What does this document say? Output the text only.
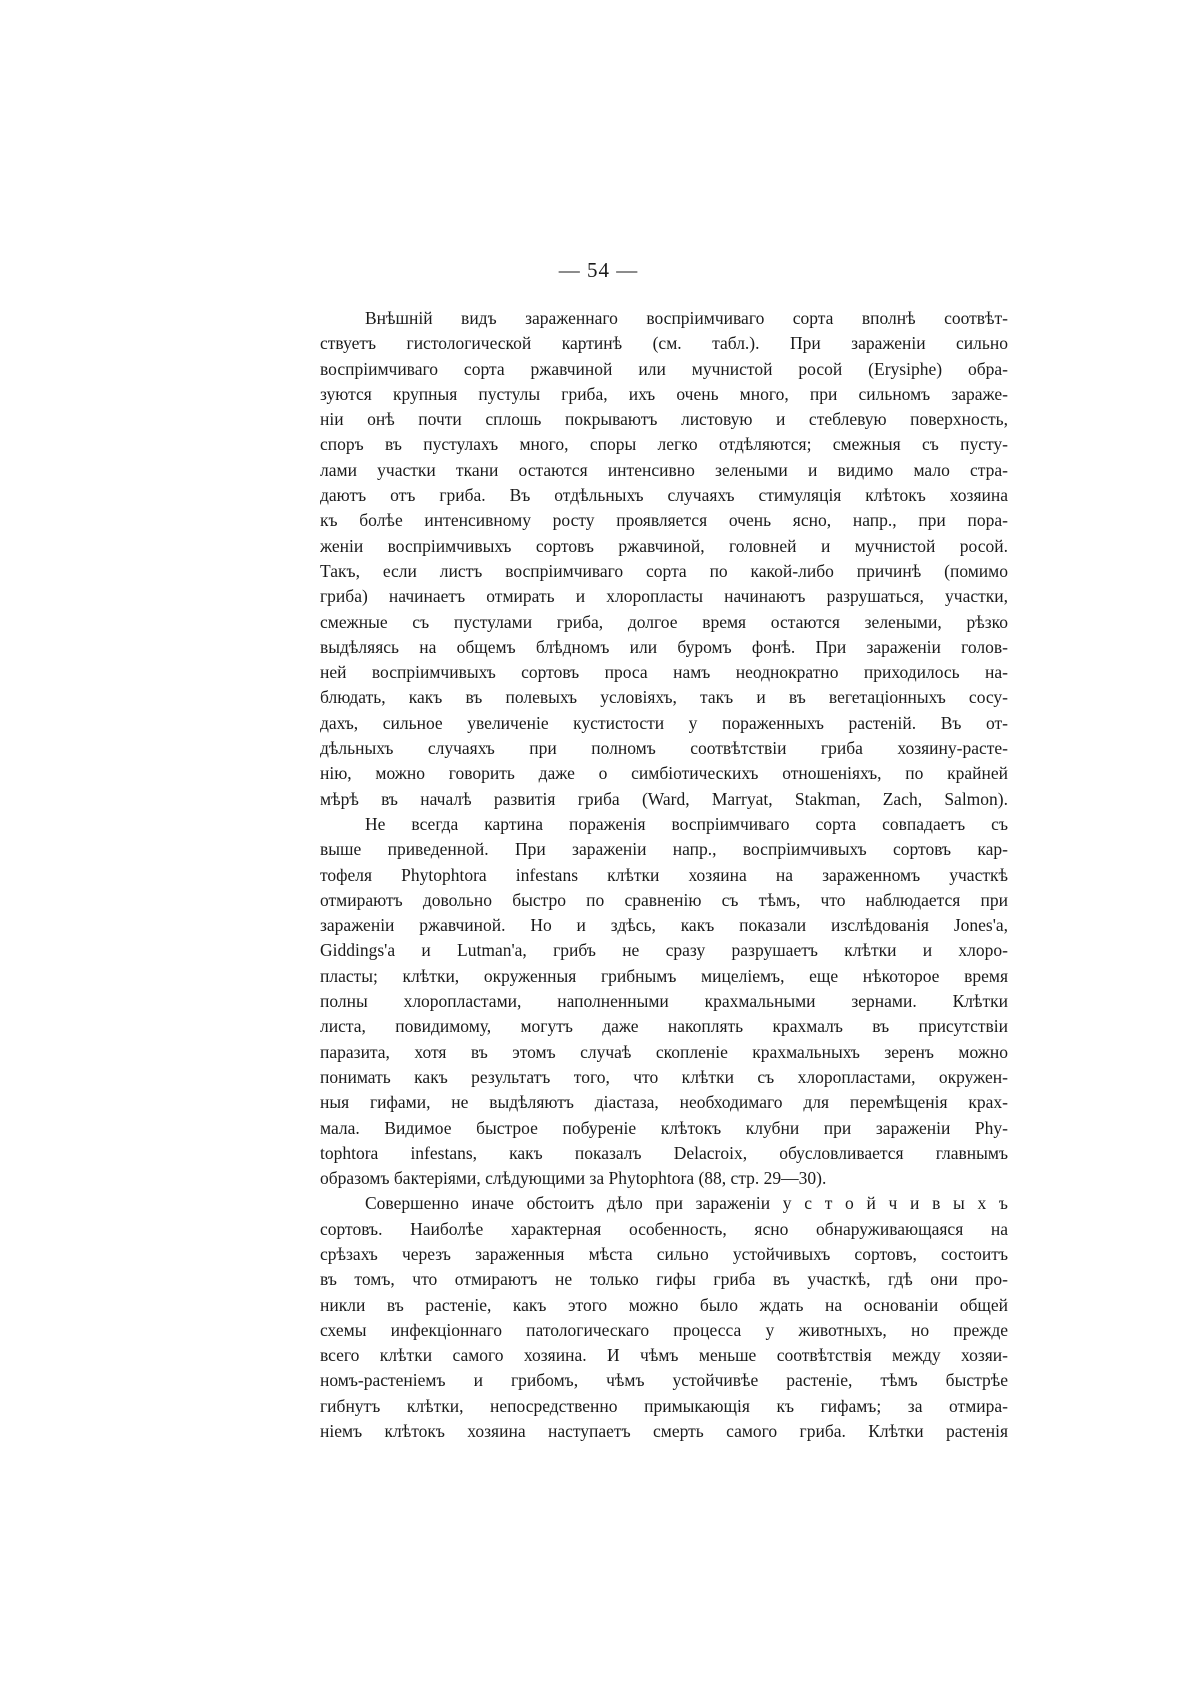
— 54 —
Внѣшній видъ зараженнаго воспріимчиваго сорта вполнѣ соотвѣт-
ствуетъ гистологической картинѣ (см. табл.). При зараженіи сильно
воспріимчиваго сорта ржавчиной или мучнистой росой (Erysiphe) обра-
зуются крупныя пустулы гриба, ихъ очень много, при сильномъ зараже-
ніи онѣ почти сплошь покрываютъ листовую и стеблевую поверхность,
споръ въ пустулахъ много, споры легко отдѣляются; смежныя съ пусту-
лами участки ткани остаются интенсивно зелеными и видимо мало стра-
даютъ отъ гриба. Въ отдѣльныхъ случаяхъ стимуляція клѣтокъ хозяина
къ болѣе интенсивному росту проявляется очень ясно, напр., при пора-
женіи воспріимчивыхъ сортовъ ржавчиной, головней и мучнистой росой.
Такъ, если листъ воспріимчиваго сорта по какой-либо причинѣ (помимо
гриба) начинаетъ отмирать и хлоропласты начинаютъ разрушаться, участки,
смежные съ пустулами гриба, долгое время остаются зелеными, рѣзко
выдѣляясь на общемъ блѣдномъ или буромъ фонѣ. При зараженіи голов-
ней воспріимчивыхъ сортовъ проса намъ неоднократно приходилось на-
блюдать, какъ въ полевыхъ условіяхъ, такъ и въ вегетаціонныхъ сосу-
дахъ, сильное увеличеніе кустистости у пораженныхъ растеній. Въ от-
дѣльныхъ случаяхъ при полномъ соотвѣтствіи гриба хозяину-расте-
нію, можно говорить даже о симбіотическихъ отношеніяхъ, по крайней
мѣрѣ въ началѣ развитія гриба (Ward, Marryat, Stakman, Zach, Salmon).
Не всегда картина пораженія воспріимчиваго сорта совпадаетъ съ
выше приведенной. При зараженіи напр., воспріимчивыхъ сортовъ кар-
тофеля Phytophtora infestans клѣтки хозяина на зараженномъ участкѣ
отмираютъ довольно быстро по сравненію съ тѣмъ, что наблюдается при
зараженіи ржавчиной. Но и здѣсь, какъ показали изслѣдованія Jones'а,
Giddings'а и Lutman'а, грибъ не сразу разрушаетъ клѣтки и хлоро-
пласты; клѣтки, окруженныя грибнымъ мицеліемъ, еще нѣкоторое время
полны хлоропластами, наполненными крахмальными зернами. Клѣтки
листа, повидимому, могутъ даже накоплять крахмалъ въ присутствіи
паразита, хотя въ этомъ случаѣ скопленіе крахмальныхъ зеренъ можно
понимать какъ результатъ того, что клѣтки съ хлоропластами, окружен-
ныя гифами, не выдѣляютъ діастаза, необходимаго для перемѣщенія крах-
мала. Видимое быстрое побуреніе клѣтокъ клубни при зараженіи Phy-
tophtora infestans, какъ показалъ Delacroix, обусловливается главнымъ
образомъ бактеріями, слѣдующими за Phytophtora (88, стр. 29—30).
Совершенно иначе обстоитъ дѣло при зараженіи у с т о й ч и в ы х ъ
сортовъ. Наиболѣе характерная особенность, ясно обнаруживающаяся на
срѣзахъ черезъ зараженныя мѣста сильно устойчивыхъ сортовъ, состоитъ
въ томъ, что отмираютъ не только гифы гриба въ участкѣ, гдѣ они про-
никли въ растеніе, какъ этого можно было ждать на основаніи общей
схемы инфекціоннаго патологическаго процесса у животныхъ, но прежде
всего клѣтки самого хозяина. И чѣмъ меньше соотвѣтствія между хозяи-
номъ-растеніемъ и грибомъ, чѣмъ устойчивѣе растеніе, тѣмъ быстрѣе
гибнутъ клѣтки, непосредственно примыкающія къ гифамъ; за отмира-
ніемъ клѣтокъ хозяина наступаетъ смерть самого гриба. Клѣтки растенія
